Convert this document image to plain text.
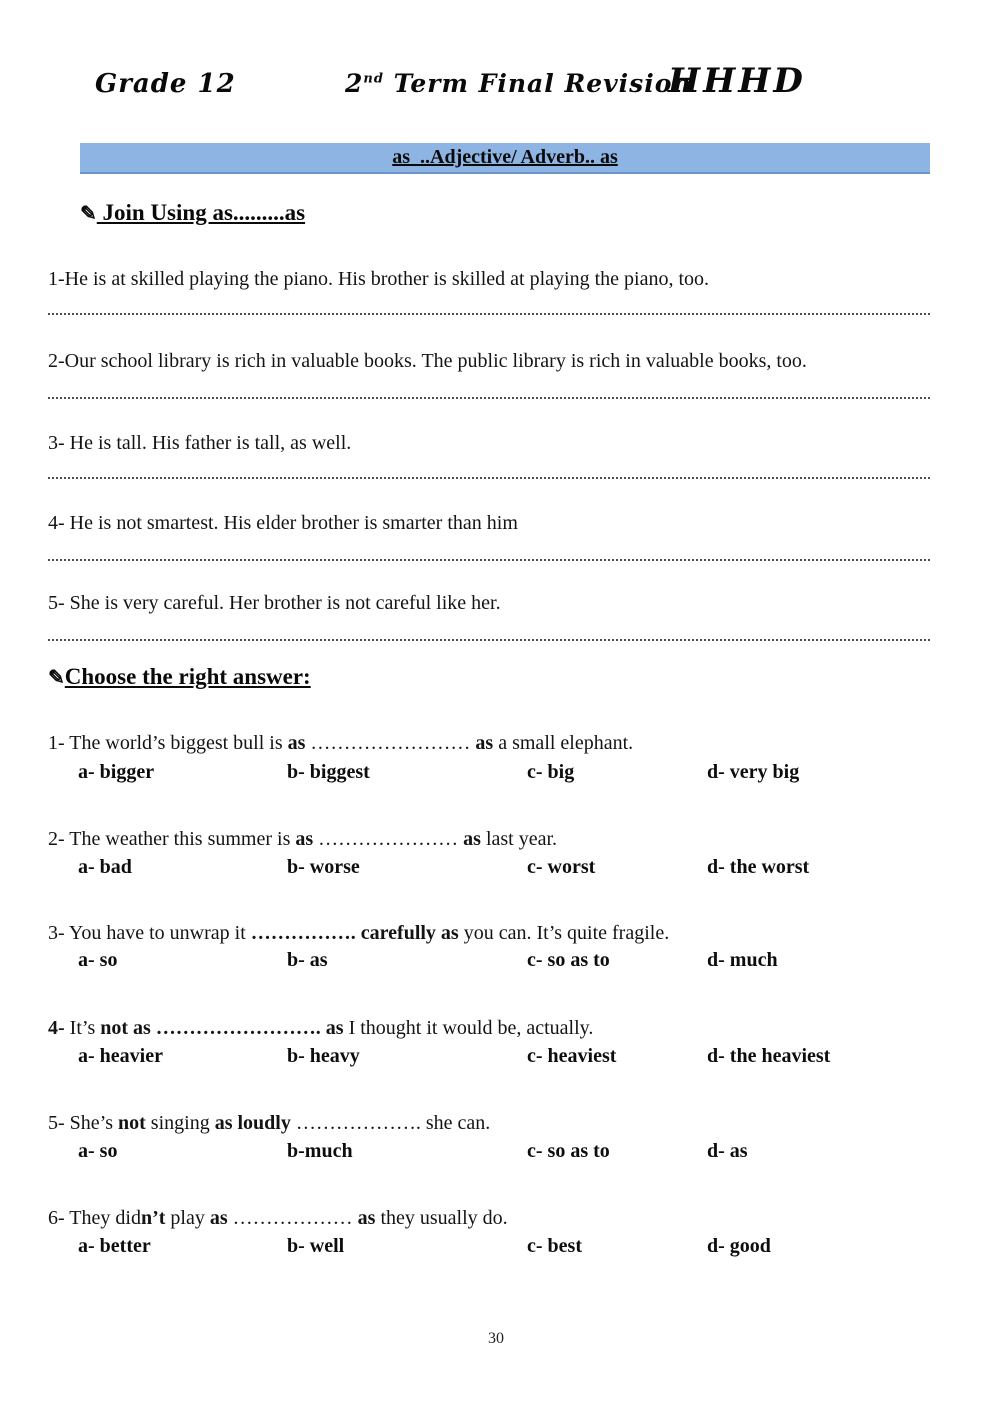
Grade 12	2nd Term Final Revision
HHHD
as  ..Adjective/ Adverb.. as
✎ Join Using as.........as

1-He is at skilled playing the piano. His brother is skilled at playing the piano, too.

2-Our school library is rich in valuable books. The public library is rich in valuable books, too.

3- He is tall. His father is tall, as well.

4- He is not smartest. His elder brother is smarter than him

5- She is very careful. Her brother is not careful like her.

✎Choose the right answer:

1- The world’s biggest bull is as …………………… as a small elephant.

a- bigger	b- biggest	c- big	d- very big

2- The weather this summer is as ………………… as last year.

a- bad	b- worse	c- worst	d- the worst

3- You have to unwrap it ……………. carefully as you can. It’s quite fragile.

a- so	b- as	c- so as to	d- much

4- It’s not as ……………………. as I thought it would be, actually.

a- heavier	b- heavy	c- heaviest	d- the heaviest

5- She’s not singing as loudly ………………. she can.

a- so	b-much	c- so as to	d- as

6- They didn’t play as ……………… as they usually do.

a- better	b- well	c- best	d- good
30
